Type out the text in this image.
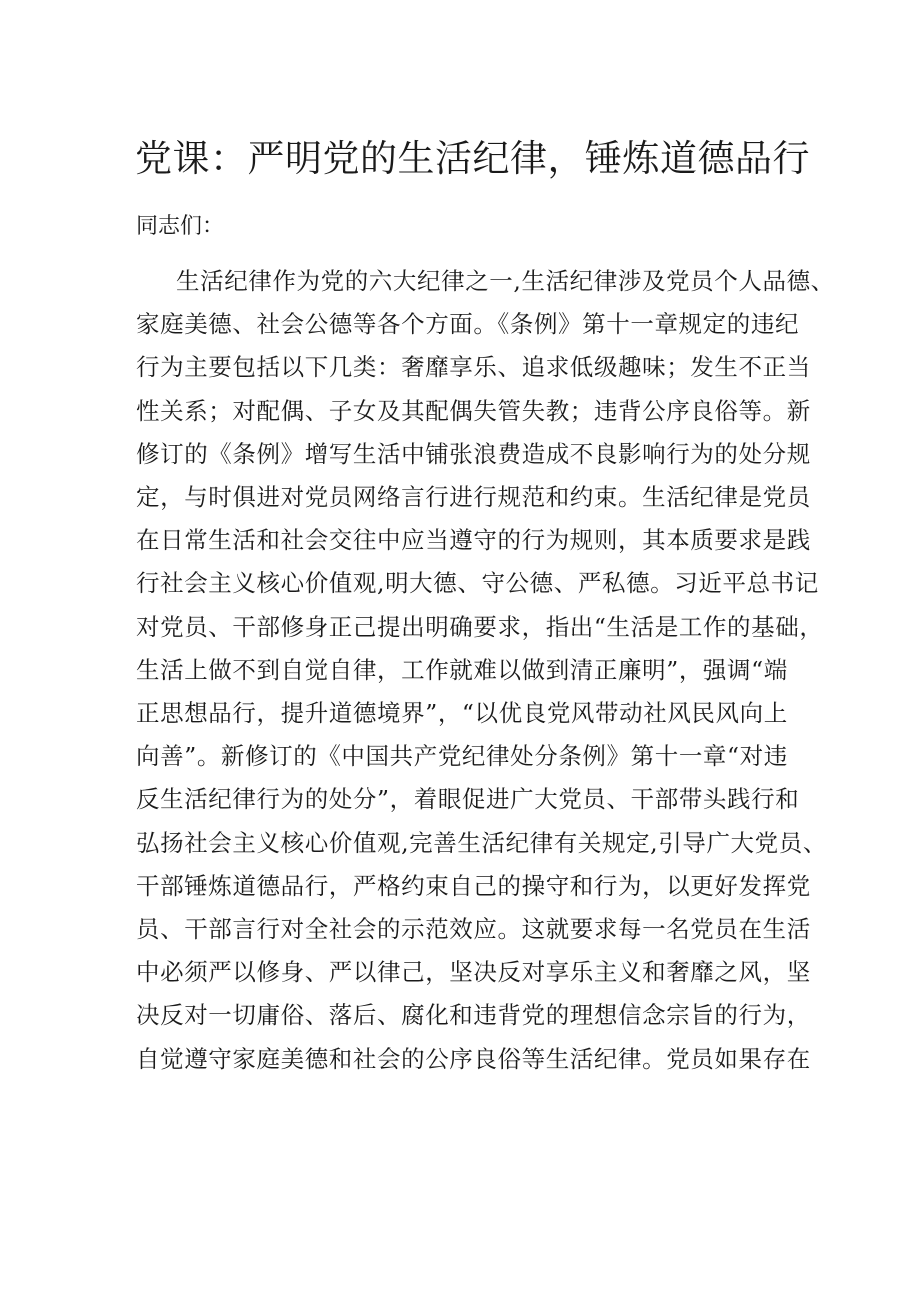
党课：严明党的生活纪律，锤炼道德品行
同志们：
生活纪律作为党的六大纪律之一,生活纪律涉及党员个人品德、
家庭美德、社会公德等各个方面。《条例》第十一章规定的违纪
行为主要包括以下几类：奢靡享乐、追求低级趣味；发生不正当
性关系；对配偶、子女及其配偶失管失教；违背公序良俗等。新
修订的《条例》增写生活中铺张浪费造成不良影响行为的处分规
定，与时俱进对党员网络言行进行规范和约束。生活纪律是党员
在日常生活和社会交往中应当遵守的行为规则，其本质要求是践
行社会主义核心价值观,明大德、守公德、严私德。习近平总书记
对党员、干部修身正己提出明确要求，指出“生活是工作的基础，
生活上做不到自觉自律，工作就难以做到清正廉明”，强调“端
正思想品行，提升道德境界”，“以优良党风带动社风民风向上
向善”。新修订的《中国共产党纪律处分条例》第十一章“对违
反生活纪律行为的处分”，着眼促进广大党员、干部带头践行和
弘扬社会主义核心价值观,完善生活纪律有关规定,引导广大党员、
干部锤炼道德品行，严格约束自己的操守和行为，以更好发挥党
员、干部言行对全社会的示范效应。这就要求每一名党员在生活
中必须严以修身、严以律己，坚决反对享乐主义和奢靡之风，坚
决反对一切庸俗、落后、腐化和违背党的理想信念宗旨的行为，
自觉遵守家庭美德和社会的公序良俗等生活纪律。党员如果存在
